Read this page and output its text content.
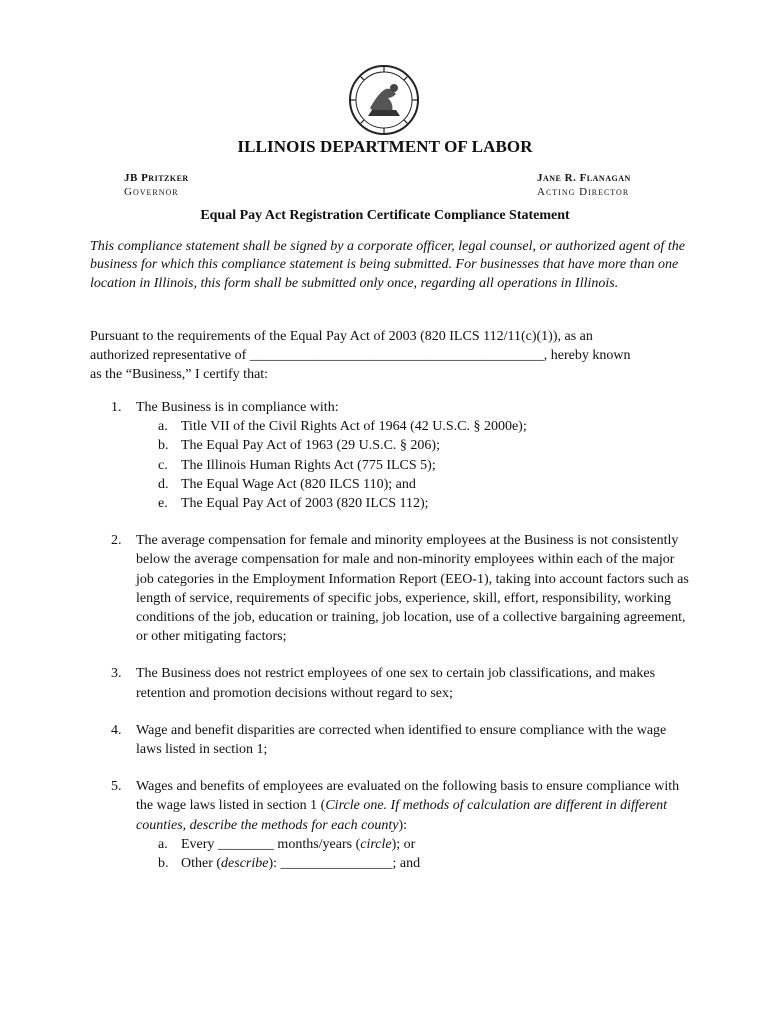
ILLINOIS DEPARTMENT OF LABOR
JB Pritzker
Governor
Jane R. Flanagan
Acting Director
Equal Pay Act Registration Certificate Compliance Statement
This compliance statement shall be signed by a corporate officer, legal counsel, or authorized agent of the business for which this compliance statement is being submitted. For businesses that have more than one location in Illinois, this form shall be submitted only once, regarding all operations in Illinois.
Pursuant to the requirements of the Equal Pay Act of 2003 (820 ILCS 112/11(c)(1)), as an
authorized representative of __________________________________________, hereby known
as the “Business,” I certify that:
1. The Business is in compliance with:
a. Title VII of the Civil Rights Act of 1964 (42 U.S.C. § 2000e);
b. The Equal Pay Act of 1963 (29 U.S.C. § 206);
c. The Illinois Human Rights Act (775 ILCS 5);
d. The Equal Wage Act (820 ILCS 110); and
e. The Equal Pay Act of 2003 (820 ILCS 112);
2. The average compensation for female and minority employees at the Business is not consistently below the average compensation for male and non-minority employees within each of the major job categories in the Employment Information Report (EEO-1), taking into account factors such as length of service, requirements of specific jobs, experience, skill, effort, responsibility, working conditions of the job, education or training, job location, use of a collective bargaining agreement, or other mitigating factors;
3. The Business does not restrict employees of one sex to certain job classifications, and makes retention and promotion decisions without regard to sex;
4. Wage and benefit disparities are corrected when identified to ensure compliance with the wage laws listed in section 1;
5. Wages and benefits of employees are evaluated on the following basis to ensure compliance with the wage laws listed in section 1 (Circle one. If methods of calculation are different in different counties, describe the methods for each county):
a. Every ________ months/years (circle); or
b. Other (describe): ________________; and
